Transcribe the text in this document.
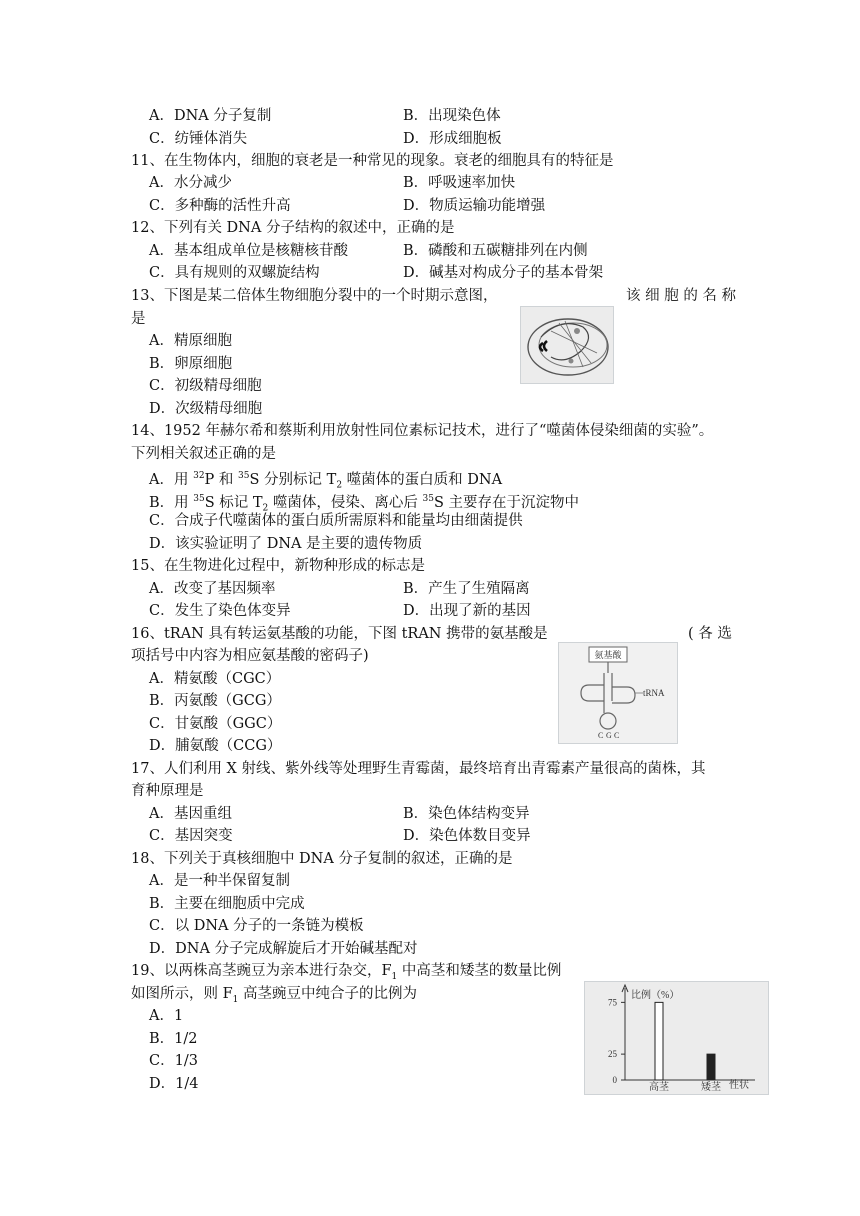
A．DNA 分子复制	B．出现染色体
C．纺锤体消失	D．形成细胞板
11、在生物体内，细胞的衰老是一种常见的现象。衰老的细胞具有的特征是
A．水分减少	B．呼吸速率加快
C．多种酶的活性升高	D．物质运输功能增强
12、下列有关 DNA 分子结构的叙述中，正确的是
A．基本组成单位是核糖核苷酸	B．磷酸和五碳糖排列在内侧
C．具有规则的双螺旋结构	D．碱基对构成分子的基本骨架
13、下图是某二倍体生物细胞分裂中的一个时期示意图，	该 细 胞 的 名 称
是
A．精原细胞
B．卵原细胞
C．初级精母细胞
D．次级精母细胞
14、1952 年赫尔希和蔡斯利用放射性同位素标记技术，进行了“噬菌体侵染细菌的实验”。
下列相关叙述正确的是
A．用 $^{32}$P 和 $^{35}$S 分别标记 $T_2$ 噬菌体的蛋白质和 DNA
B．用 $^{35}$S 标记 $T_2$ 噬菌体，侵染、离心后 $^{35}$S 主要存在于沉淀物中
C．合成子代噬菌体的蛋白质所需原料和能量均由细菌提供
D．该实验证明了 DNA 是主要的遗传物质
15、在生物进化过程中，新物种形成的标志是
A．改变了基因频率	B．产生了生殖隔离
C．发生了染色体变异	D．出现了新的基因
16、tRAN 具有转运氨基酸的功能，下图 tRAN 携带的氨基酸是	( 各 选
项括号中内容为相应氨基酸的密码子)
A．精氨酸（CGC）
B．丙氨酸（GCG）
C．甘氨酸（GGC）
D．脯氨酸（CCG）
氨基酸
tRNA
C G C
17、人们利用 X 射线、紫外线等处理野生青霉菌，最终培育出青霉素产量很高的菌株，其
育种原理是
A．基因重组	B．染色体结构变异
C．基因突变	D．染色体数目变异
18、下列关于真核细胞中 DNA 分子复制的叙述，正确的是
A．是一种半保留复制
B．主要在细胞质中完成
C．以 DNA 分子的一条链为模板
D．DNA 分子完成解旋后才开始碱基配对
19、以两株高茎豌豆为亲本进行杂交，$F_1$ 中高茎和矮茎的数量比例
如图所示，则 $F_1$ 高茎豌豆中纯合子的比例为
A．1
B．1/2
C．1/3
D．1/4
比例（%）
性状
0
25
75
高茎	矮茎
